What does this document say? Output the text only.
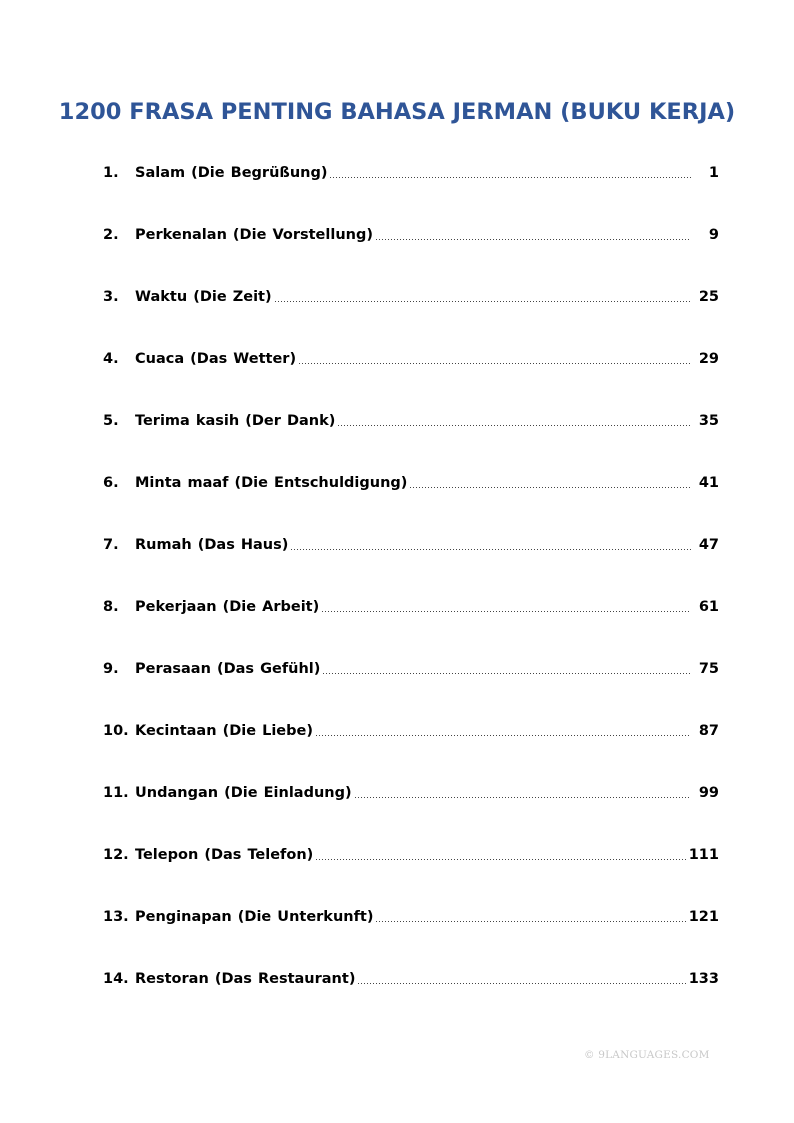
1200 FRASA PENTING BAHASA JERMAN (BUKU KERJA)
1.	Salam (Die Begrüßung)	1
2.	Perkenalan (Die Vorstellung)	9
3.	Waktu (Die Zeit)	25
4.	Cuaca (Das Wetter)	29
5.	Terima kasih (Der Dank)	35
6.	Minta maaf (Die Entschuldigung)	41
7.	Rumah (Das Haus)	47
8.	Pekerjaan (Die Arbeit)	61
9.	Perasaan (Das Gefühl)	75
10. Kecintaan (Die Liebe)	87
11. Undangan (Die Einladung)	99
12. Telepon (Das Telefon)	111
13. Penginapan (Die Unterkunft)	121
14. Restoran (Das Restaurant)	133
© 9LANGUAGES.COM
